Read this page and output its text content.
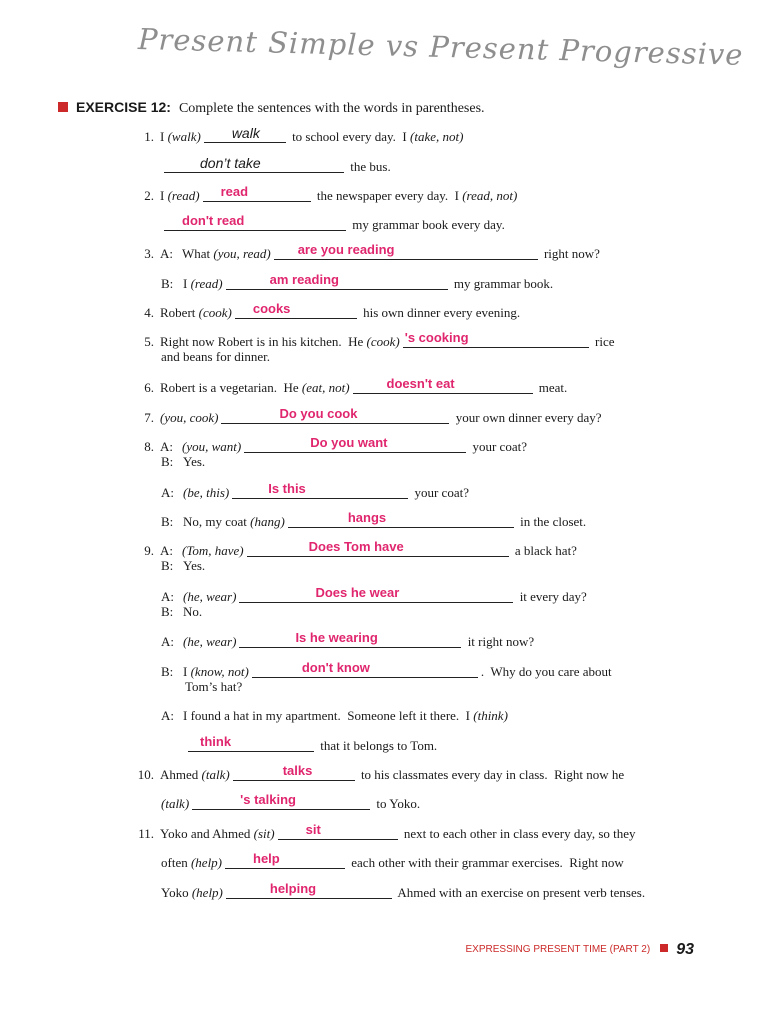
Present Simple vs Present Progressive
EXERCISE 12: Complete the sentences with the words in parentheses.
1. I (walk) walk to school every day.  I (take, not)
don’t take	the bus.
2. I (read) read	the newspaper every day.  I (read, not)
don't read	my grammar book every day.
3. A: What (you, read) are you reading	right now?
B: I (read)	am reading	my grammar book.
4. Robert (cook) cooks	his own dinner every evening.
5. Right now Robert is in his kitchen.  He (cook) 's cooking	rice
and beans for dinner.
6. Robert is a vegetarian.  He (eat, not)	doesn't eat	meat.
7. (you, cook)	Do you cook	your own dinner every day?
8. A: (you, want)	Do you want	your coat?
B: Yes.
A: (be, this)	Is this	your coat?
B: No, my coat (hang)	hangs	in the closet.
9. A: (Tom, have)	Does Tom have	a black hat?
B: Yes.
A: (he, wear)	Does he wear	it every day?
B: No.
A: (he, wear)	Is he wearing	it right now?
B: I (know, not)	don't know	.  Why do you care about
Tom’s hat?
A: I found a hat in my apartment.  Someone left it there.  I (think)
think	that it belongs to Tom.
10. Ahmed (talk)	talks	to his classmates every day in class.  Right now he
(talk)	's talking	to Yoko.
11. Yoko and Ahmed (sit) sit	next to each other in class every day, so they
often (help) help	each other with their grammar exercises.  Right now
Yoko (help)	helping	Ahmed with an exercise on present verb tenses.
EXPRESSING PRESENT TIME (PART 2) 93
